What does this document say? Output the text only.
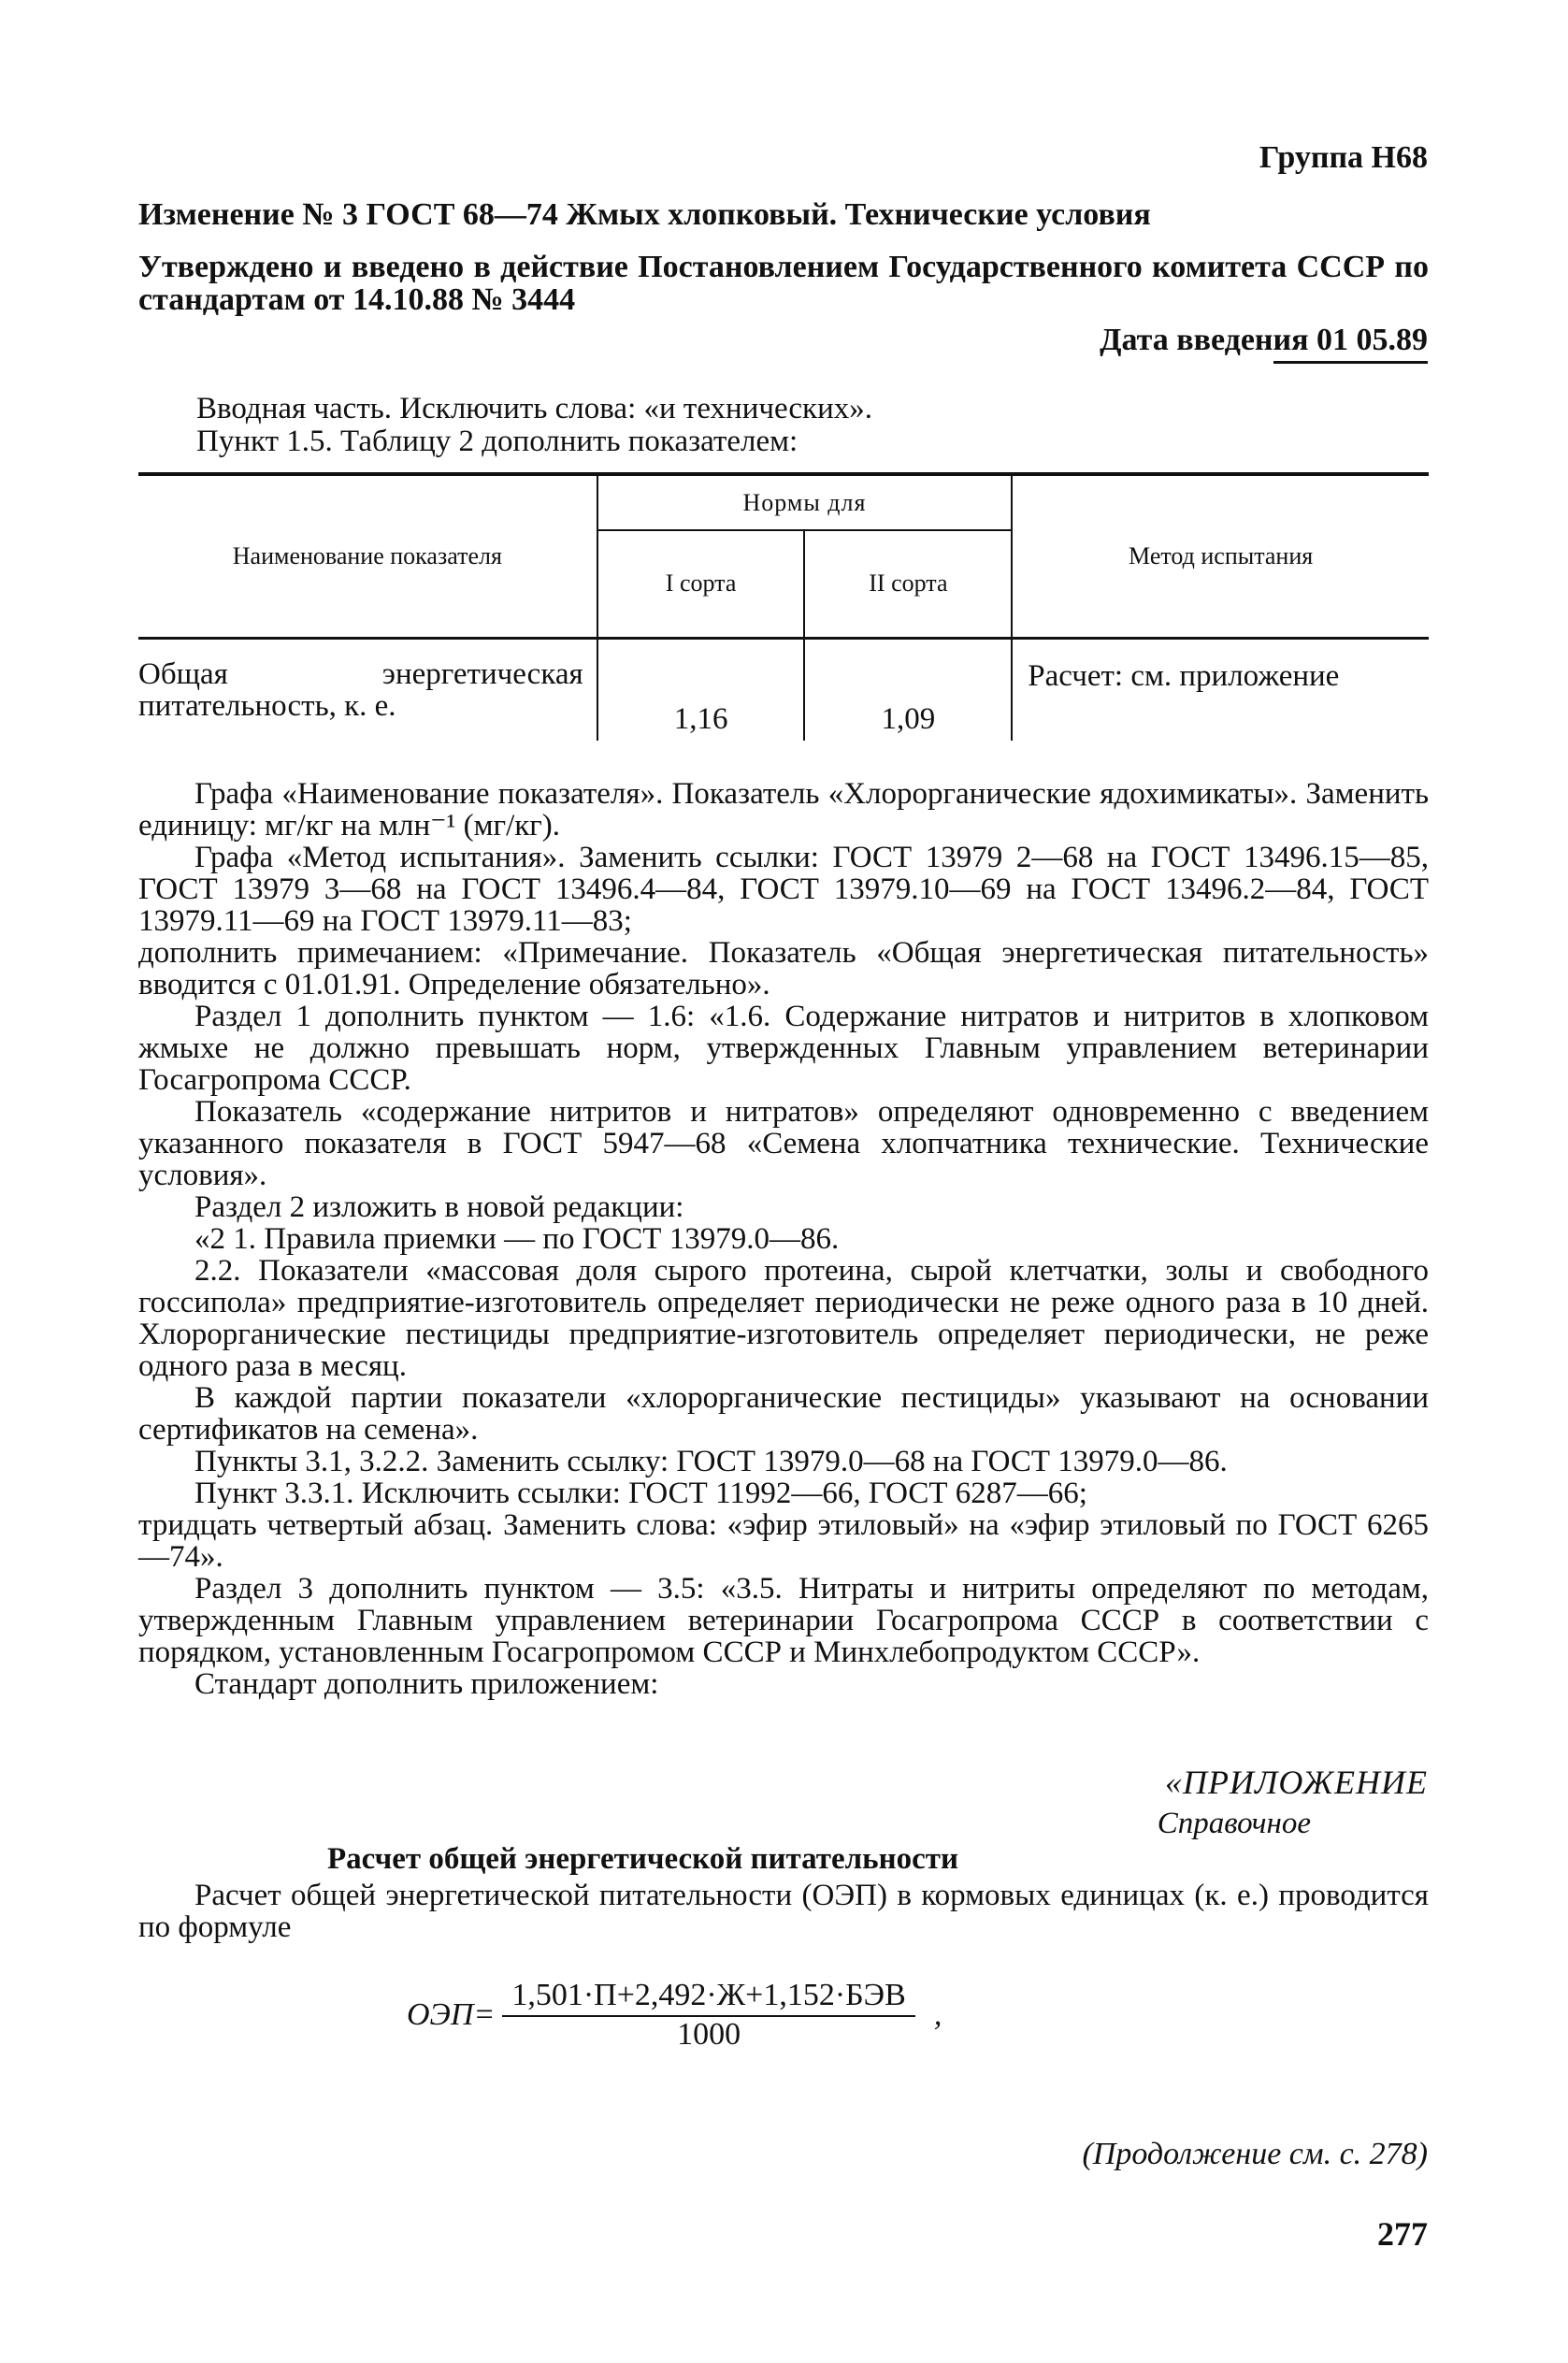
Группа Н68
Изменение № 3 ГОСТ 68—74 Жмых хлопковый. Технические условия
Утверждено и введено в действие Постановлением Государственного комитета СССР по стандартам от 14.10.88 № 3444
Дата введения 01 05.89
Вводная часть. Исключить слова: «и технических».
Пункт 1.5. Таблицу 2 дополнить показателем:
Наименование показателя	Нормы для		Метод испытания
	I сорта	II сорта	
Общая энергетическая питательность, к. е.	1,16	1,09	Расчет: см. приложение
Графа «Наименование показателя». Показатель «Хлорорганические ядохимикаты». Заменить единицу: мг/кг на млн⁻¹ (мг/кг).
Графа «Метод испытания». Заменить ссылки: ГОСТ 13979 2—68 на ГОСТ 13496.15—85, ГОСТ 13979 3—68 на ГОСТ 13496.4—84, ГОСТ 13979.10—69 на ГОСТ 13496.2—84, ГОСТ 13979.11—69 на ГОСТ 13979.11—83;
дополнить примечанием: «Примечание. Показатель «Общая энергетическая питательность» вводится с 01.01.91. Определение обязательно».
Раздел 1 дополнить пунктом — 1.6: «1.6. Содержание нитратов и нитритов в хлопковом жмыхе не должно превышать норм, утвержденных Главным управлением ветеринарии Госагропрома СССР.
Показатель «содержание нитритов и нитратов» определяют одновременно с введением указанного показателя в ГОСТ 5947—68 «Семена хлопчатника технические. Технические условия».
Раздел 2 изложить в новой редакции:
«2 1. Правила приемки — по ГОСТ 13979.0—86.
2.2. Показатели «массовая доля сырого протеина, сырой клетчатки, золы и свободного госсипола» предприятие-изготовитель определяет периодически не реже одного раза в 10 дней. Хлорорганические пестициды предприятие-изготовитель определяет периодически, не реже одного раза в месяц.
В каждой партии показатели «хлорорганические пестициды» указывают на основании сертификатов на семена».
Пункты 3.1, 3.2.2. Заменить ссылку: ГОСТ 13979.0—68 на ГОСТ 13979.0—86.
Пункт 3.3.1. Исключить ссылки: ГОСТ 11992—66, ГОСТ 6287—66;
тридцать четвертый абзац. Заменить слова: «эфир этиловый» на «эфир этиловый по ГОСТ 6265—74».
Раздел 3 дополнить пунктом — 3.5: «3.5. Нитраты и нитриты определяют по методам, утвержденным Главным управлением ветеринарии Госагропрома СССР в соответствии с порядком, установленным Госагропромом СССР и Минхлебопродуктом СССР».
Стандарт дополнить приложением:
«ПРИЛОЖЕНИЕ
Справочное
Расчет общей энергетической питательности
Расчет общей энергетической питательности (ОЭП) в кормовых единицах (к. е.) проводится по формуле
ОЭП=
1,501·П+2,492·Ж+1,152·БЭВ
1000
,
(Продолжение см. с. 278)
277
